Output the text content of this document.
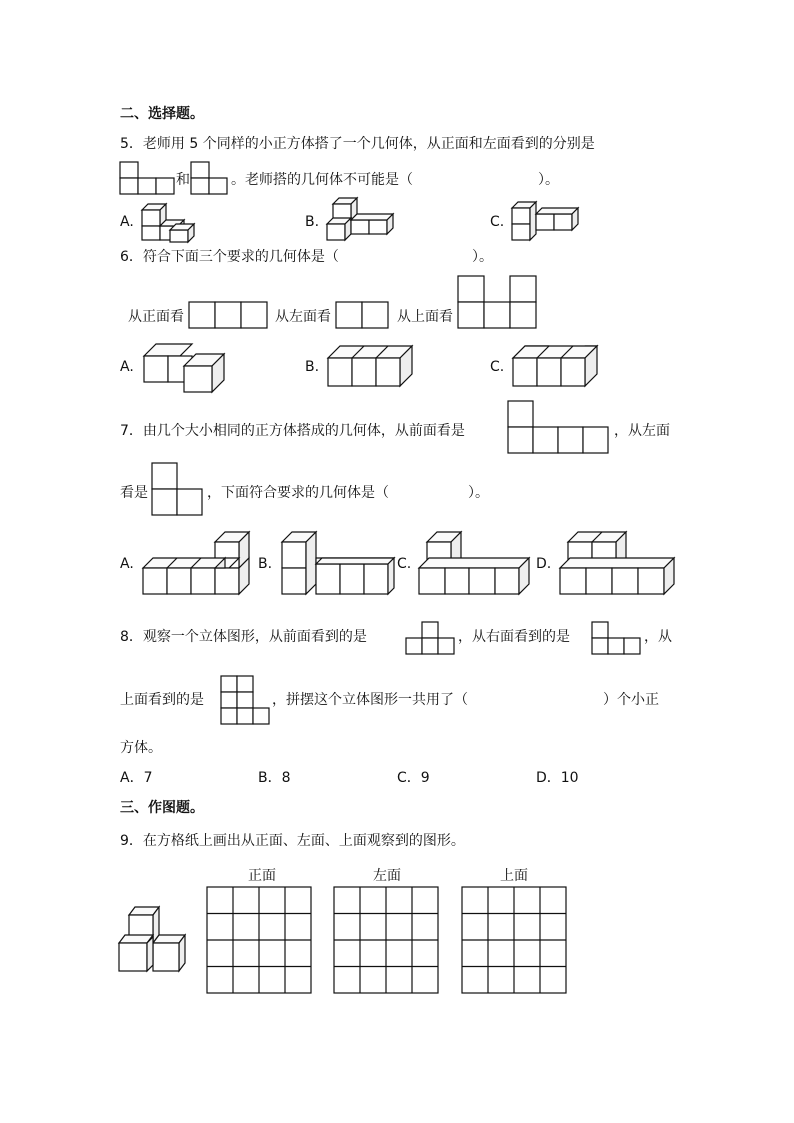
二、选择题。
5．老师用 5 个同样的小正方体搭了一个几何体，从正面和左面看到的分别是
和	。老师搭的几何体不可能是（	）。
A.	B.	C.
6．符合下面三个要求的几何体是（	）。
从正面看	从左面看	从上面看
A.	B.	C.
7．由几个大小相同的正方体搭成的几何体，从前面看是	，从左面
看是	，下面符合要求的几何体是（	）。
A.	B.	C.	D.
8．观察一个立体图形，从前面看到的是	，从右面看到的是	，从
上面看到的是	，拼摆这个立体图形一共用了（	）个小正
方体。
A．7	B．8	C．9	D．10
三、作图题。
9．在方格纸上画出从正面、左面、上面观察到的图形。
正面	左面	上面
